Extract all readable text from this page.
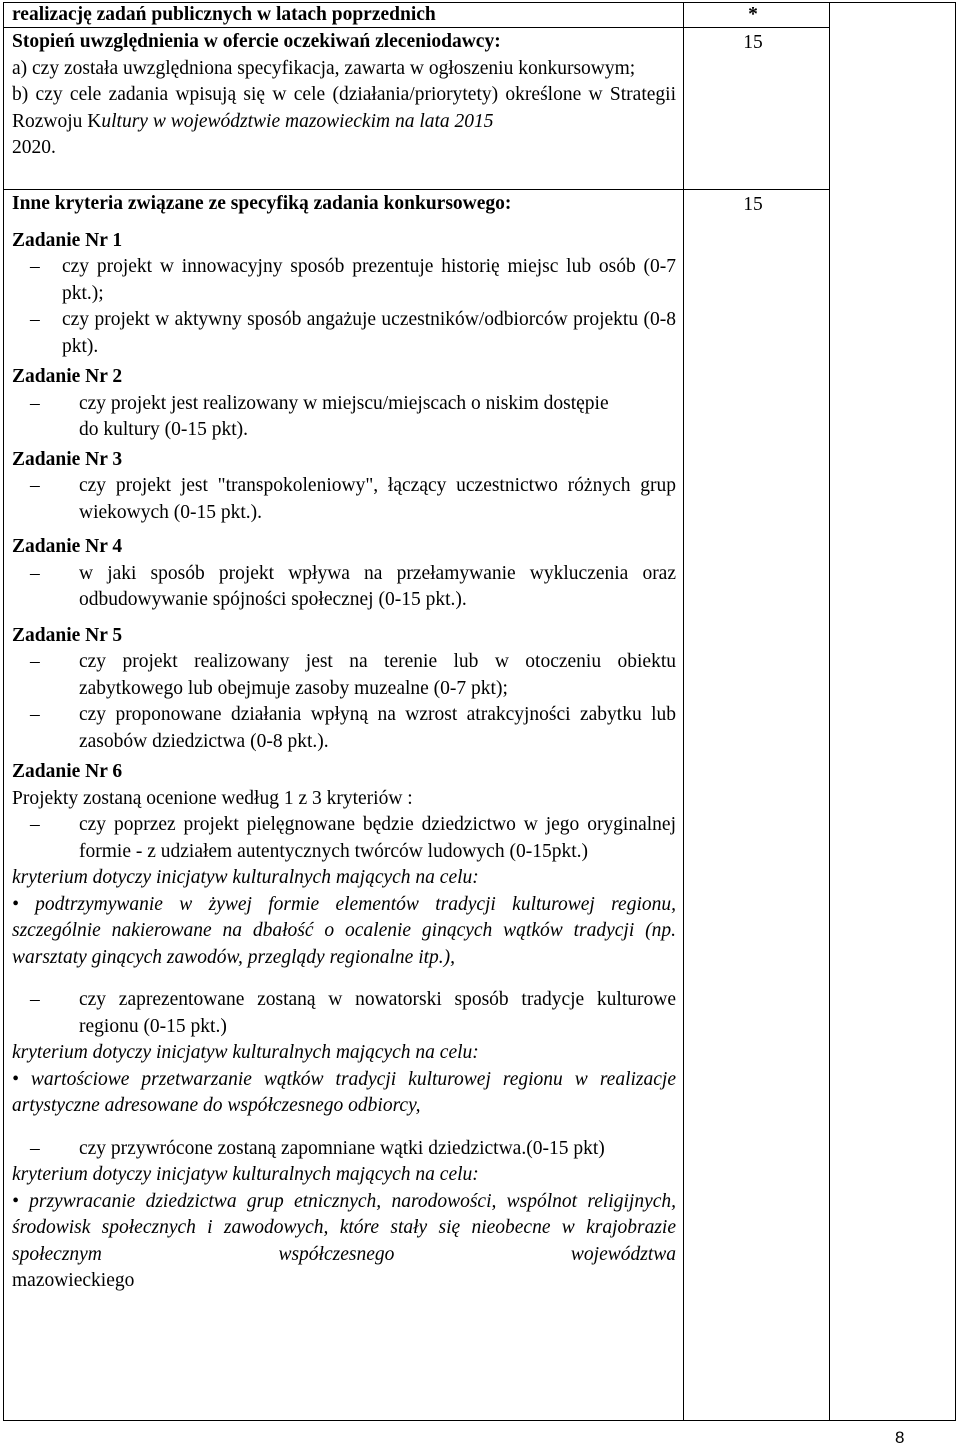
realizację zadań publicznych w latach poprzednich	*
Stopień uwzględnienia w ofercie oczekiwań zleceniodawcy:
a) czy została uwzględniona specyfikacja, zawarta w ogłoszeniu konkursowym;
b) czy cele zadania wpisują się w cele (działania/priorytety) określone w Strategii Rozwoju Kultury w województwie mazowieckim na lata 2015
2020.
15
Inne kryteria związane ze specyfiką zadania konkursowego:
Zadanie Nr 1
– czy projekt w innowacyjny sposób prezentuje historię miejsc lub osób (0-7 pkt.);
– czy projekt w aktywny sposób angażuje uczestników/odbiorców projektu (0-8 pkt).
Zadanie Nr 2
– czy projekt jest realizowany w miejscu/miejscach o niskim dostępie
do kultury (0-15 pkt).
Zadanie Nr 3
– czy projekt jest "transpokoleniowy", łączący uczestnictwo różnych grup wiekowych (0-15 pkt.).
Zadanie Nr 4
– w jaki sposób projekt wpływa na przełamywanie wykluczenia oraz odbudowywanie spójności społecznej (0-15 pkt.).
Zadanie Nr 5
– czy projekt realizowany jest na terenie lub w otoczeniu obiektu zabytkowego lub obejmuje zasoby muzealne (0-7 pkt);
– czy proponowane działania wpłyną na wzrost atrakcyjności zabytku lub zasobów dziedzictwa (0-8 pkt.).
Zadanie Nr 6
Projekty zostaną ocenione według 1 z 3 kryteriów :
– czy poprzez projekt pielęgnowane będzie dziedzictwo w jego oryginalnej formie - z udziałem autentycznych twórców ludowych (0-15pkt.)
kryterium dotyczy inicjatyw kulturalnych mających na celu:
• podtrzymywanie w żywej formie elementów tradycji kulturowej regionu, szczególnie nakierowane na dbałość o ocalenie ginących wątków tradycji (np. warsztaty ginących zawodów, przeglądy regionalne itp.),
– czy zaprezentowane zostaną w nowatorski sposób tradycje kulturowe regionu (0-15 pkt.)
kryterium dotyczy inicjatyw kulturalnych mających na celu:
• wartościowe przetwarzanie wątków tradycji kulturowej regionu w realizacje artystyczne adresowane do współczesnego odbiorcy,
– czy przywrócone zostaną zapomniane wątki dziedzictwa.(0-15 pkt)
kryterium dotyczy inicjatyw kulturalnych mających na celu:
• przywracanie dziedzictwa grup etnicznych, narodowości, wspólnot religijnych, środowisk społecznych i zawodowych, które stały się nieobecne w krajobrazie społecznym współczesnego województwa
mazowieckiego
15
8
